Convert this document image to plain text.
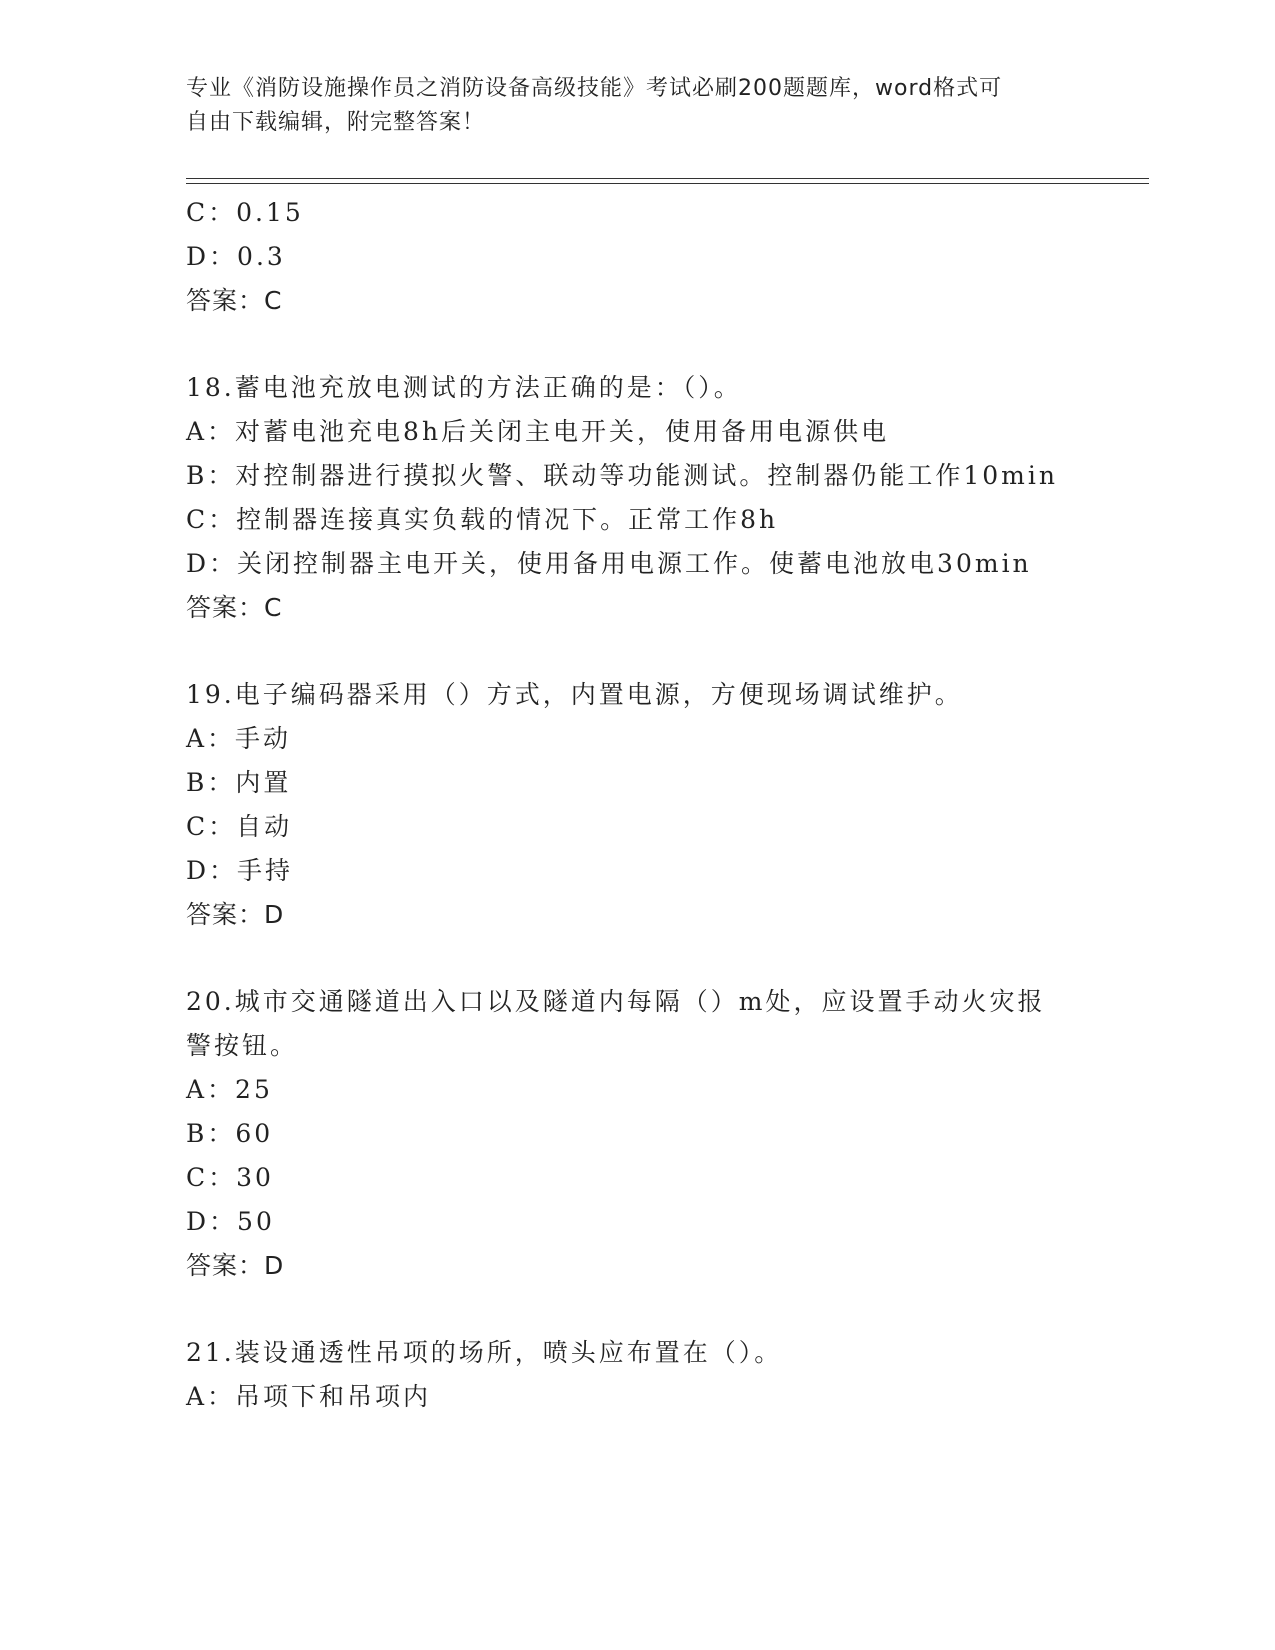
专业《消防设施操作员之消防设备高级技能》考试必刷200题题库，word格式可
自由下载编辑，附完整答案！
C：0.15
D：0.3
答案：C
18.蓄电池充放电测试的方法正确的是：（）。
A：对蓄电池充电8h后关闭主电开关，使用备用电源供电
B：对控制器进行摸拟火警、联动等功能测试。控制器仍能工作10min
C：控制器连接真实负载的情况下。正常工作8h
D：关闭控制器主电开关，使用备用电源工作。使蓄电池放电30min
答案：C
19.电子编码器采用（）方式，内置电源，方便现场调试维护。
A：手动
B：内置
C：自动
D：手持
答案：D
20.城市交通隧道出入口以及隧道内每隔（）m处，应设置手动火灾报
警按钮。
A：25
B：60
C：30
D：50
答案：D
21.装设通透性吊项的场所，喷头应布置在（）。
A：吊项下和吊项内
